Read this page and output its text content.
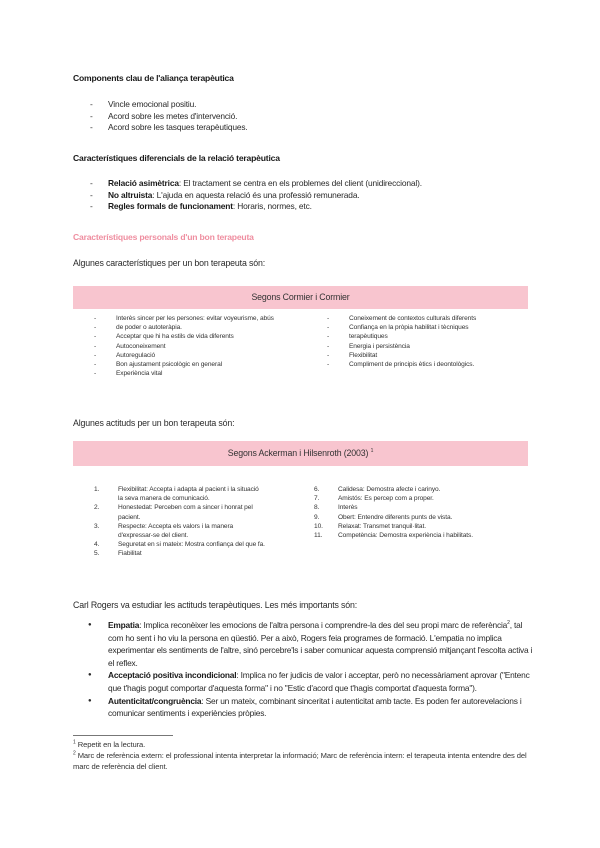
Components clau de l'aliança terapèutica
- Vincle emocional positiu.
- Acord sobre les metes d'intervenció.
- Acord sobre les tasques terapèutiques.
Característiques diferencials de la relació terapèutica
- Relació asimètrica: El tractament se centra en els problemes del client (unidireccional).
- No altruista: L'ajuda en aquesta relació és una professió remunerada.
- Regles formals de funcionament: Horaris, normes, etc.
Característiques personals d'un bon terapeuta
Algunes característiques per un bon terapeuta són:
Segons Cormier i Cormier
- Interès sincer per les persones: evitar voyeurisme, abús
- de poder o autoteràpia.
- Acceptar que hi ha estils de vida diferents
- Autoconeixement
- Autoregulació
- Bon ajustament psicològic en general
- Experiència vital
- Coneixement de contextos culturals diferents
- Confiança en la pròpia habilitat i tècniques
- terapèutiques
- Energia i persistència
- Flexibilitat
- Compliment de principis ètics i deontològics.
Algunes actituds per un bon terapeuta són:
Segons Ackerman i Hilsenroth (2003) $^1$
1.	Flexibilitat: Accepta i adapta al pacient i la situació
la seva manera de comunicació.
2.	Honestedat: Perceben com a sincer i honrat pel
pacient.
3.	Respecte: Accepta els valors i la manera
d'expressar-se del client.
4.	Seguretat en si mateix: Mostra confiança del que fa.
5.	Fiabilitat
6.	Calidesa: Demostra afecte i carinyo.
7.	Amistós: Es percep com a proper.
8.	Interès
9.	Obert: Entendre diferents punts de vista.
10. Relaxat: Transmet tranquil·litat.
11. Competència: Demostra experiència i habilitats.
Carl Rogers va estudiar les actituds terapèutiques. Les més importants són:
● Empatia: Implica reconèixer les emocions de l'altra persona i comprendre-la des del seu propi marc de referència$^2$, tal com ho sent i ho viu la persona en qüestió. Per a això, Rogers feia programes de formació. L'empatia no implica experimentar els sentiments de l'altre, sinó percebre'ls i saber comunicar aquesta comprensió mitjançant l'escolta activa i el reflex.
● Acceptació positiva incondicional: Implica no fer judicis de valor i acceptar, però no necessàriament aprovar ("Entenc que t'hagis pogut comportar d'aquesta forma" i no "Estic d'acord que t'hagis comportat d'aquesta forma").
● Autenticitat/congruència: Ser un mateix, combinant sinceritat i autenticitat amb tacte. Es poden fer autorevelacions i comunicar sentiments i experiències pròpies.

$^1$ Repetit en la lectura.

$^2$ Marc de referència extern: el professional intenta interpretar la informació; Marc de referència intern: el terapeuta intenta entendre des del marc de referència del client.
